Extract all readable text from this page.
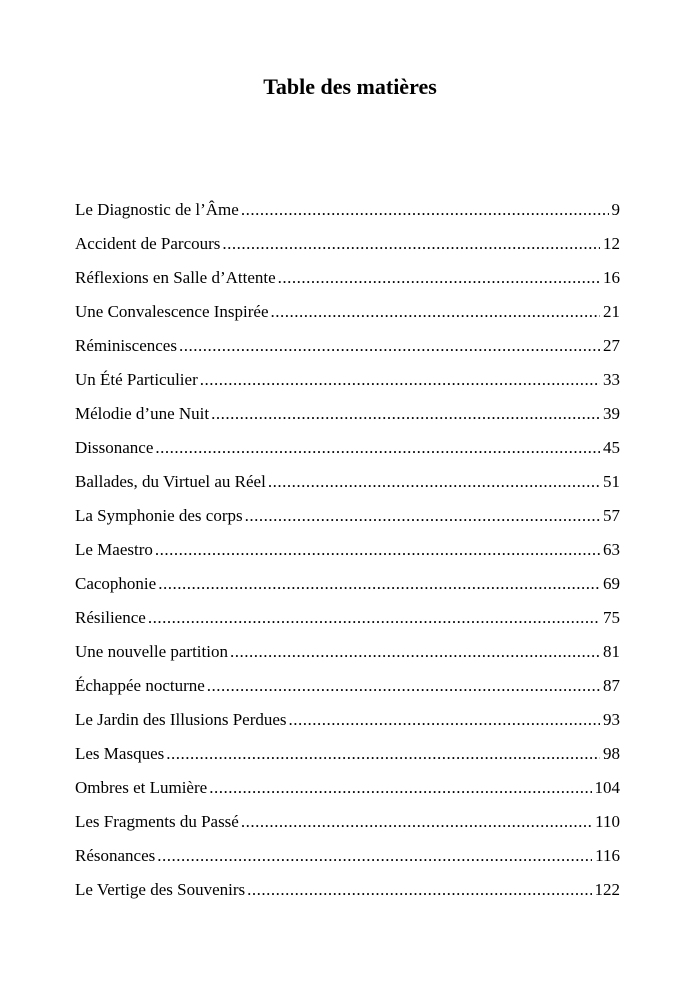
Table des matières
Le Diagnostic de l’Âme .....	9
Accident de Parcours .....	12
Réflexions en Salle d’Attente .....	16
Une Convalescence Inspirée .....	21
Réminiscences .....	27
Un Été Particulier .....	33
Mélodie d’une Nuit .....	39
Dissonance .....	45
Ballades, du Virtuel au Réel .....	51
La Symphonie des corps .....	57
Le Maestro .....	63
Cacophonie .....	69
Résilience .....	75
Une nouvelle partition .....	81
Échappée nocturne .....	87
Le Jardin des Illusions Perdues .....	93
Les Masques .....	98
Ombres et Lumière .....	104
Les Fragments du Passé .....	110
Résonances .....	116
Le Vertige des Souvenirs .....	122
